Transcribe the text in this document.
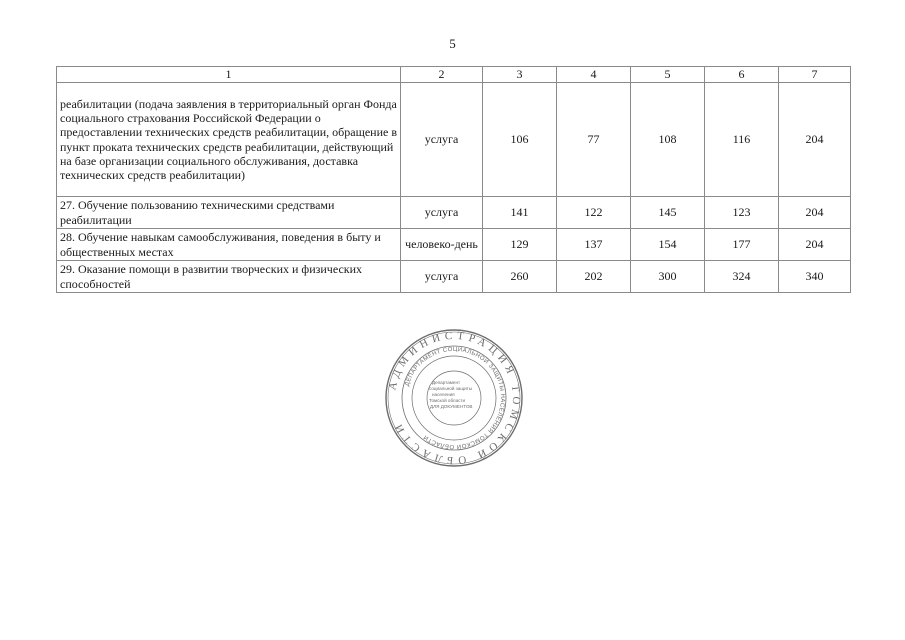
5
1	2	3	4	5	6	7
реабилитации (подача заявления в территориальный орган Фонда социального страхования Российской Федерации о предоставлении технических средств реабилитации, обращение в пункт проката технических средств реабилитации, действующий на базе организации социального обслуживания, доставка технических средств реабилитации)	услуга	106	77	108	116	204
27. Обучение пользованию техническими средствами реабилитации	услуга	141	122	145	123	204
28. Обучение навыкам самообслуживания, поведения в быту и общественных местах	человеко-день	129	137	154	177	204
29. Оказание помощи в развитии творческих и физических способностей	услуга	260	202	300	324	340
АДМИНИСТРАЦИЯ ТОМСКОЙ ОБЛАСТИ
ДЕПАРТАМЕНТ СОЦИАЛЬНОЙ ЗАЩИТЫ НАСЕЛЕНИЯ ТОМСКОЙ ОБЛАСТИ
Департамент
социальной защиты
населения
Томской области
ДЛЯ ДОКУМЕНТОВ
